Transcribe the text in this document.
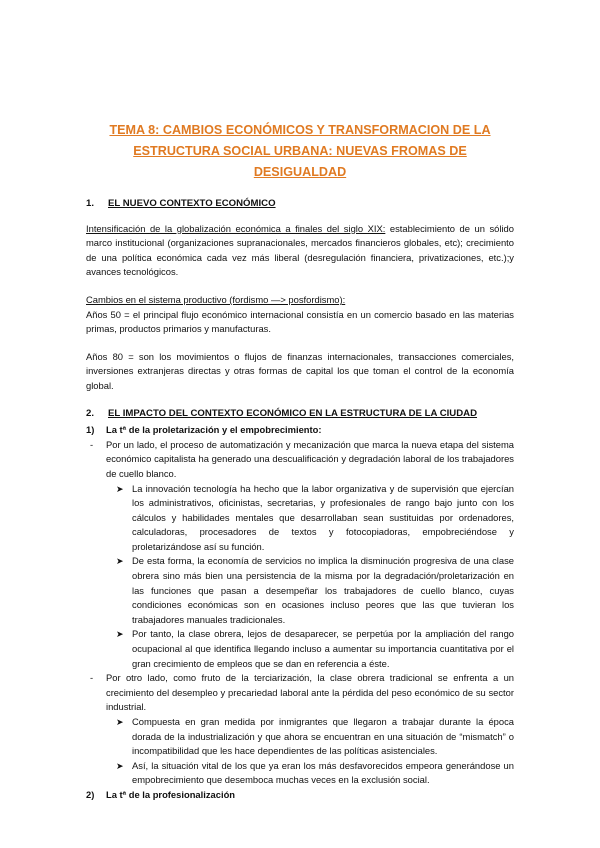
TEMA 8: CAMBIOS ECONÓMICOS Y TRANSFORMACION DE LA
ESTRUCTURA SOCIAL URBANA: NUEVAS FROMAS DE DESIGUALDAD
1. EL NUEVO CONTEXTO ECONÓMICO

Intensificación de la globalización económica a finales del siglo XIX: establecimiento de un sólido marco institucional (organizaciones supranacionales, mercados financieros globales, etc); crecimiento de una política económica cada vez más liberal (desregulación financiera, privatizaciones, etc.);y avances tecnológicos.

Cambios en el sistema productivo (fordismo —> posfordismo):

Años 50 = el principal flujo económico internacional consistía en un comercio basado en las materias primas, productos primarios y manufacturas.

Años 80 = son los movimientos o flujos de finanzas internacionales, transacciones comerciales, inversiones extranjeras directas y otras formas de capital los que toman el control de la economía global.

2. EL IMPACTO DEL CONTEXTO ECONÓMICO EN LA ESTRUCTURA DE LA CIUDAD
1)	La tª de la proletarización y el empobrecimiento:
-	Por un lado, el proceso de automatización y mecanización que marca la nueva etapa del sistema económico capitalista ha generado una descualificación y degradación laboral de los trabajadores de cuello blanco.
➤ La innovación tecnología ha hecho que la labor organizativa y de supervisión que ejercían los administrativos, oficinistas, secretarias, y profesionales de rango bajo junto con los cálculos y habilidades mentales que desarrollaban sean sustituidas por ordenadores, calculadoras, procesadores de textos y fotocopiadoras, empobreciéndose y proletarizándose así su función.
➤ De esta forma, la economía de servicios no implica la disminución progresiva de una clase obrera sino más bien una persistencia de la misma por la degradación/proletarización en las funciones que pasan a desempeñar los trabajadores de cuello blanco, cuyas condiciones económicas son en ocasiones incluso peores que las que tuvieran los trabajadores manuales tradicionales.
➤ Por tanto, la clase obrera, lejos de desaparecer, se perpetúa por la ampliación del rango ocupacional al que identifica llegando incluso a aumentar su importancia cuantitativa por el gran crecimiento de empleos que se dan en referencia a éste.
-	Por otro lado, como fruto de la terciarización, la clase obrera tradicional se enfrenta a un crecimiento del desempleo y precariedad laboral ante la pérdida del peso económico de su sector industrial.
➤ Compuesta en gran medida por inmigrantes que llegaron a trabajar durante la época dorada de la industrialización y que ahora se encuentran en una situación de “mismatch” o incompatibilidad que les hace dependientes de las políticas asistenciales.
➤ Así, la situación vital de los que ya eran los más desfavorecidos empeora generándose un empobrecimiento que desemboca muchas veces en la exclusión social.
2)	La tª de la profesionalización
